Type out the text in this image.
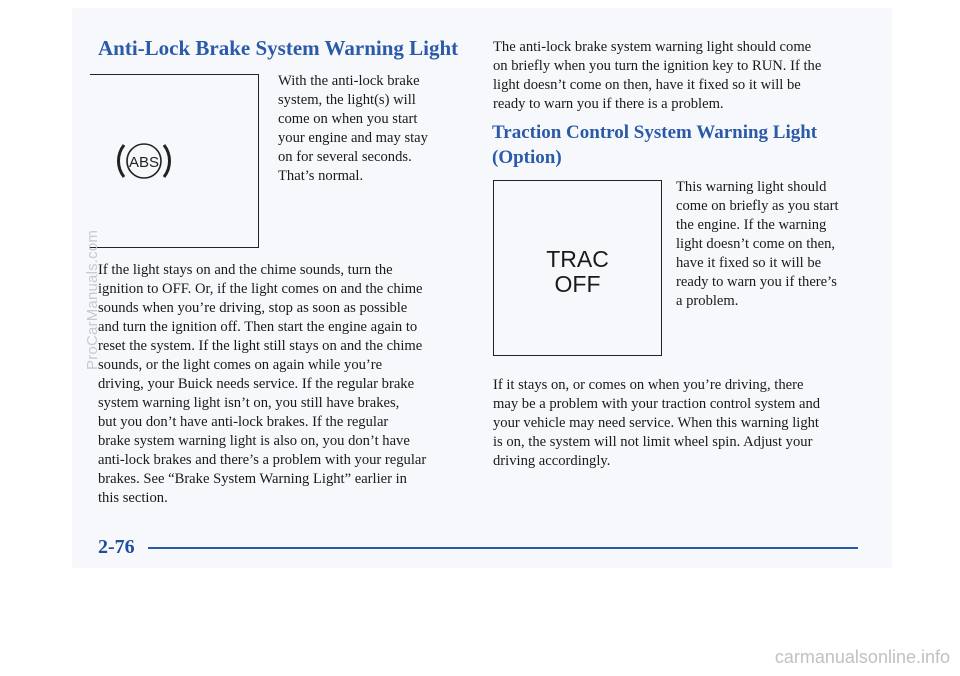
Anti-Lock Brake System Warning Light
ABS
With the anti-lock brake
system, the light(s) will
come on when you start
your engine and may stay
on for several seconds.
That’s normal.
If the light stays on and the chime sounds, turn the
ignition to OFF. Or, if the light comes on and the chime
sounds when you’re driving, stop as soon as possible
and turn the ignition off. Then start the engine again to
reset the system. If the light still stays on and the chime
sounds, or the light comes on again while you’re
driving, your Buick needs service. If the regular brake
system warning light isn’t on, you still have brakes,
but you don’t have anti-lock brakes. If the regular
brake system warning light is also on, you don’t have
anti-lock brakes and there’s a problem with your regular
brakes. See “Brake System Warning Light” earlier in
this section.
The anti-lock brake system warning light should come
on briefly when you turn the ignition key to RUN. If the
light doesn’t come on then, have it fixed so it will be
ready to warn you if there is a problem.
Traction Control System Warning Light
(Option)
TRAC
OFF
This warning light should
come on briefly as you start
the engine. If the warning
light doesn’t come on then,
have it fixed so it will be
ready to warn you if there’s
a problem.
If it stays on, or comes on when you’re driving, there
may be a problem with your traction control system and
your vehicle may need service. When this warning light
is on, the system will not limit wheel spin. Adjust your
driving accordingly.
2-76
ProCarManuals.com
carmanualsonline.info
